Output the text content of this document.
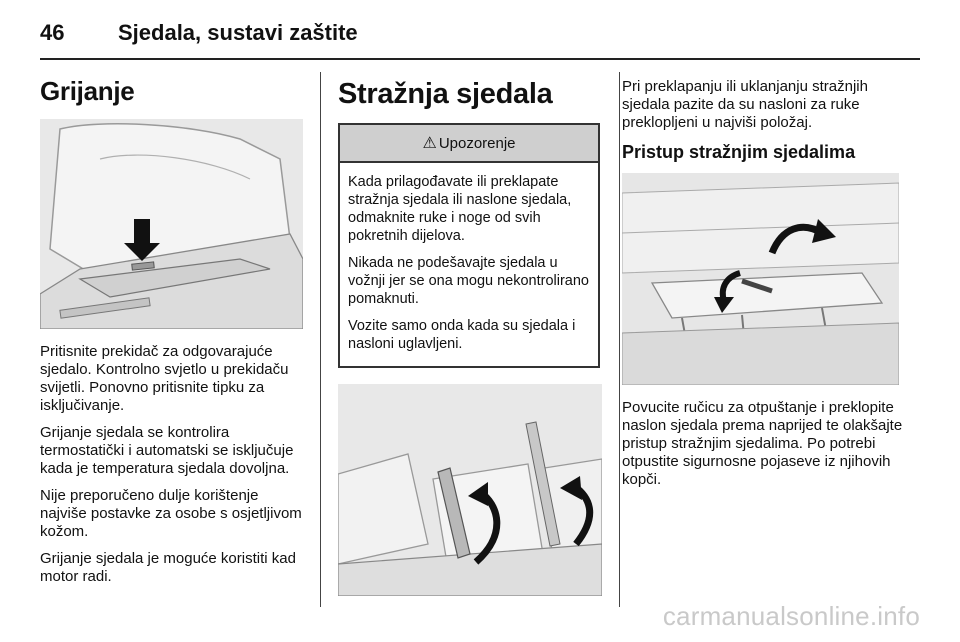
46 Sjedala, sustavi zaštite
Grijanje

Pritisnite prekidač za odgovarajuće sjedalo. Kontrolno svjetlo u prekidaču svijetli. Ponovno pritisnite tipku za isključivanje.

Grijanje sjedala se kontrolira termostatički i automatski se isključuje kada je temperatura sjedala dovoljna.

Nije preporučeno dulje korištenje najviše postavke za osobe s osjetljivom kožom.

Grijanje sjedala je moguće koristiti kad motor radi.

Stražnja sjedala
⚠ Upozorenje

Kada prilagođavate ili preklapate stražnja sjedala ili naslone sjedala, odmaknite ruke i noge od svih pokretnih dijelova.

Nikada ne podešavajte sjedala u vožnji jer se ona mogu nekontrolirano pomaknuti.

Vozite samo onda kada su sjedala i nasloni uglavljeni.

Pri preklapanju ili uklanjanju stražnjih sjedala pazite da su nasloni za ruke preklopljeni u najviši položaj.

Pristup stražnjim sjedalima

Povucite ručicu za otpuštanje i preklopite naslon sjedala prema naprijed te olakšajte pristup stražnjim sjedalima. Po potrebi otpustite sigurnosne pojaseve iz njihovih kopči.

carmanualsonline.info
